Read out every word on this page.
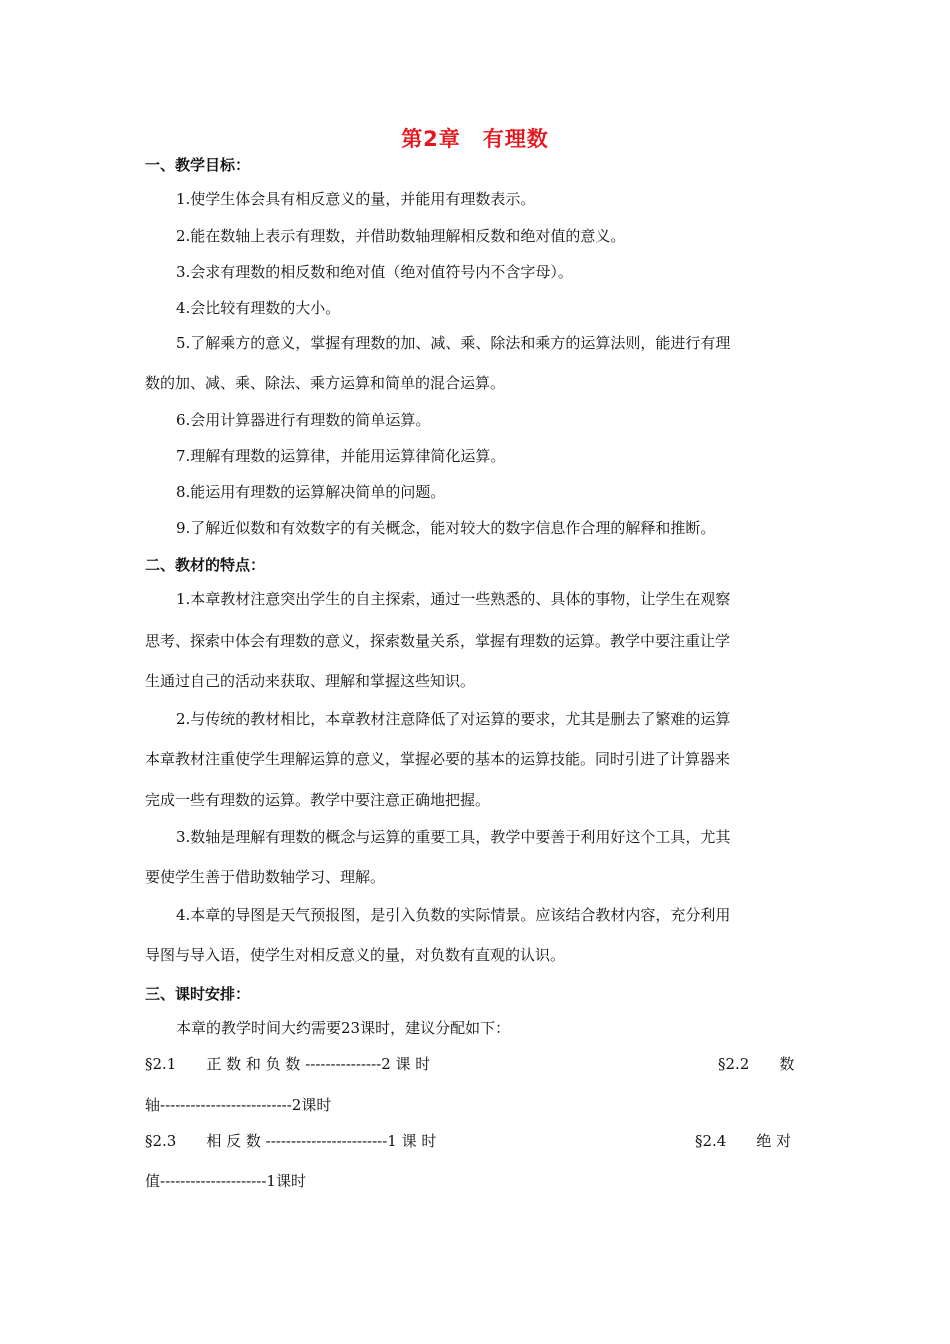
第2章　有理数
一、教学目标：
1.使学生体会具有相反意义的量，并能用有理数表示。
2.能在数轴上表示有理数，并借助数轴理解相反数和绝对值的意义。
3.会求有理数的相反数和绝对值（绝对值符号内不含字母）。
4.会比较有理数的大小。
5.了解乘方的意义，掌握有理数的加、减、乘、除法和乘方的运算法则，能进行有理
数的加、减、乘、除法、乘方运算和简单的混合运算。
6.会用计算器进行有理数的简单运算。
7.理解有理数的运算律，并能用运算律简化运算。
8.能运用有理数的运算解决简单的问题。
9.了解近似数和有效数字的有关概念，能对较大的数字信息作合理的解释和推断。
二、教材的特点：
1.本章教材注意突出学生的自主探索，通过一些熟悉的、具体的事物，让学生在观察
思考、探索中体会有理数的意义，探索数量关系，掌握有理数的运算。教学中要注重让学
生通过自己的活动来获取、理解和掌握这些知识。
2.与传统的教材相比，本章教材注意降低了对运算的要求，尤其是删去了繁难的运算
本章教材注重使学生理解运算的意义，掌握必要的基本的运算技能。同时引进了计算器来
完成一些有理数的运算。教学中要注意正确地把握。
3.数轴是理解有理数的概念与运算的重要工具，教学中要善于利用好这个工具，尤其
要使学生善于借助数轴学习、理解。
4.本章的导图是天气预报图，是引入负数的实际情景。应该结合教材内容，充分利用
导图与导入语，使学生对相反意义的量，对负数有直观的认识。
三、课时安排：
本章的教学时间大约需要23课时，建议分配如下：
§2.1　　正 数 和 负 数 ---------------2 课 时	§2.2　　数
轴--------------------------2课时
§2.3　　相 反 数 ------------------------1 课 时	§2.4　　绝 对
值---------------------1课时
